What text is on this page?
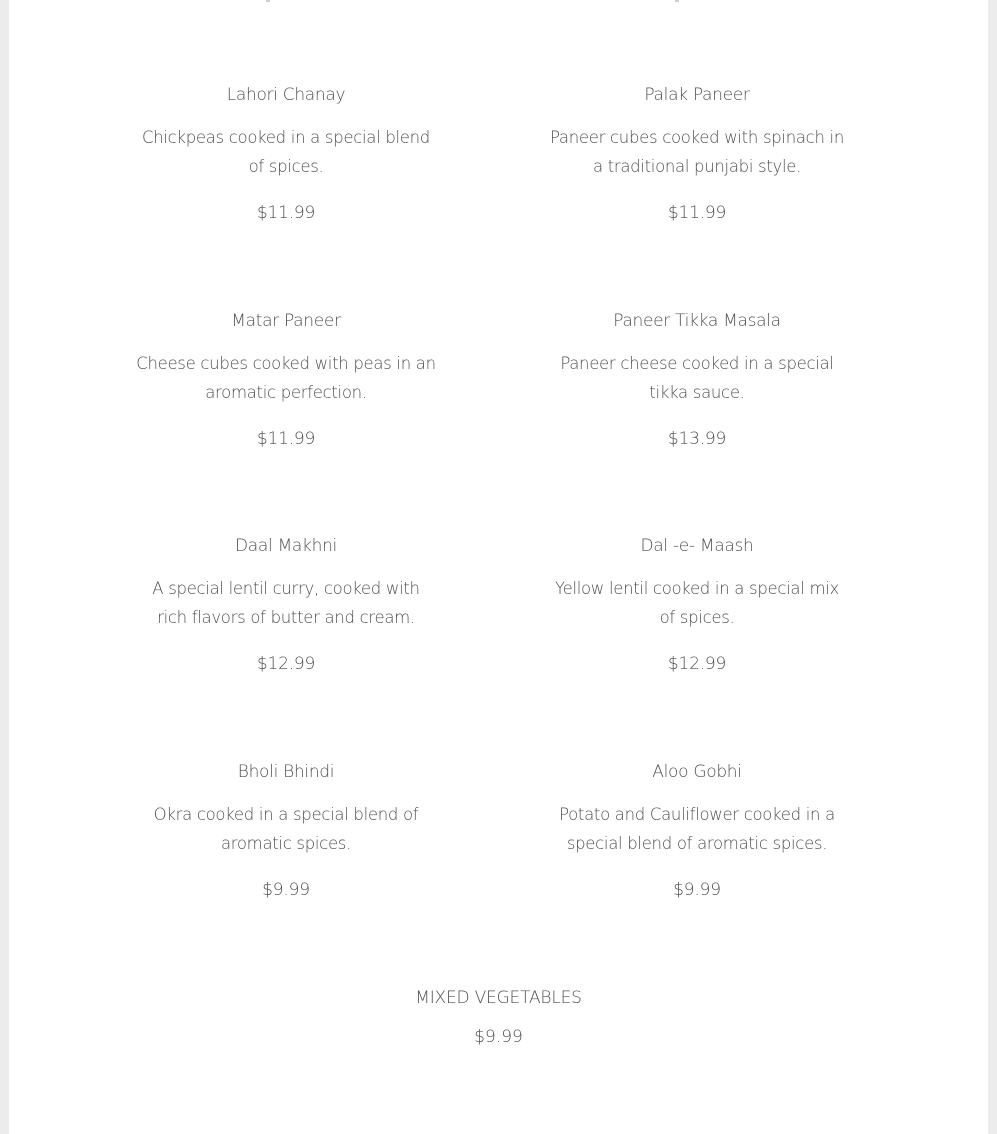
Lahori Chanay
Chickpeas cooked in a special blend of spices.
$11.99
Palak Paneer
Paneer cubes cooked with spinach in a traditional punjabi style.
$11.99
Matar Paneer
Cheese cubes cooked with peas in an aromatic perfection.
$11.99
Paneer Tikka Masala
Paneer cheese cooked in a special tikka sauce.
$13.99
Daal Makhni
A special lentil curry, cooked with rich flavors of butter and cream.
$12.99
Dal -e- Maash
Yellow lentil cooked in a special mix of spices.
$12.99
Bholi Bhindi
Okra cooked in a special blend of aromatic spices.
$9.99
Aloo Gobhi
Potato and Cauliflower cooked in a special blend of aromatic spices.
$9.99
MIXED VEGETABLES
$9.99
